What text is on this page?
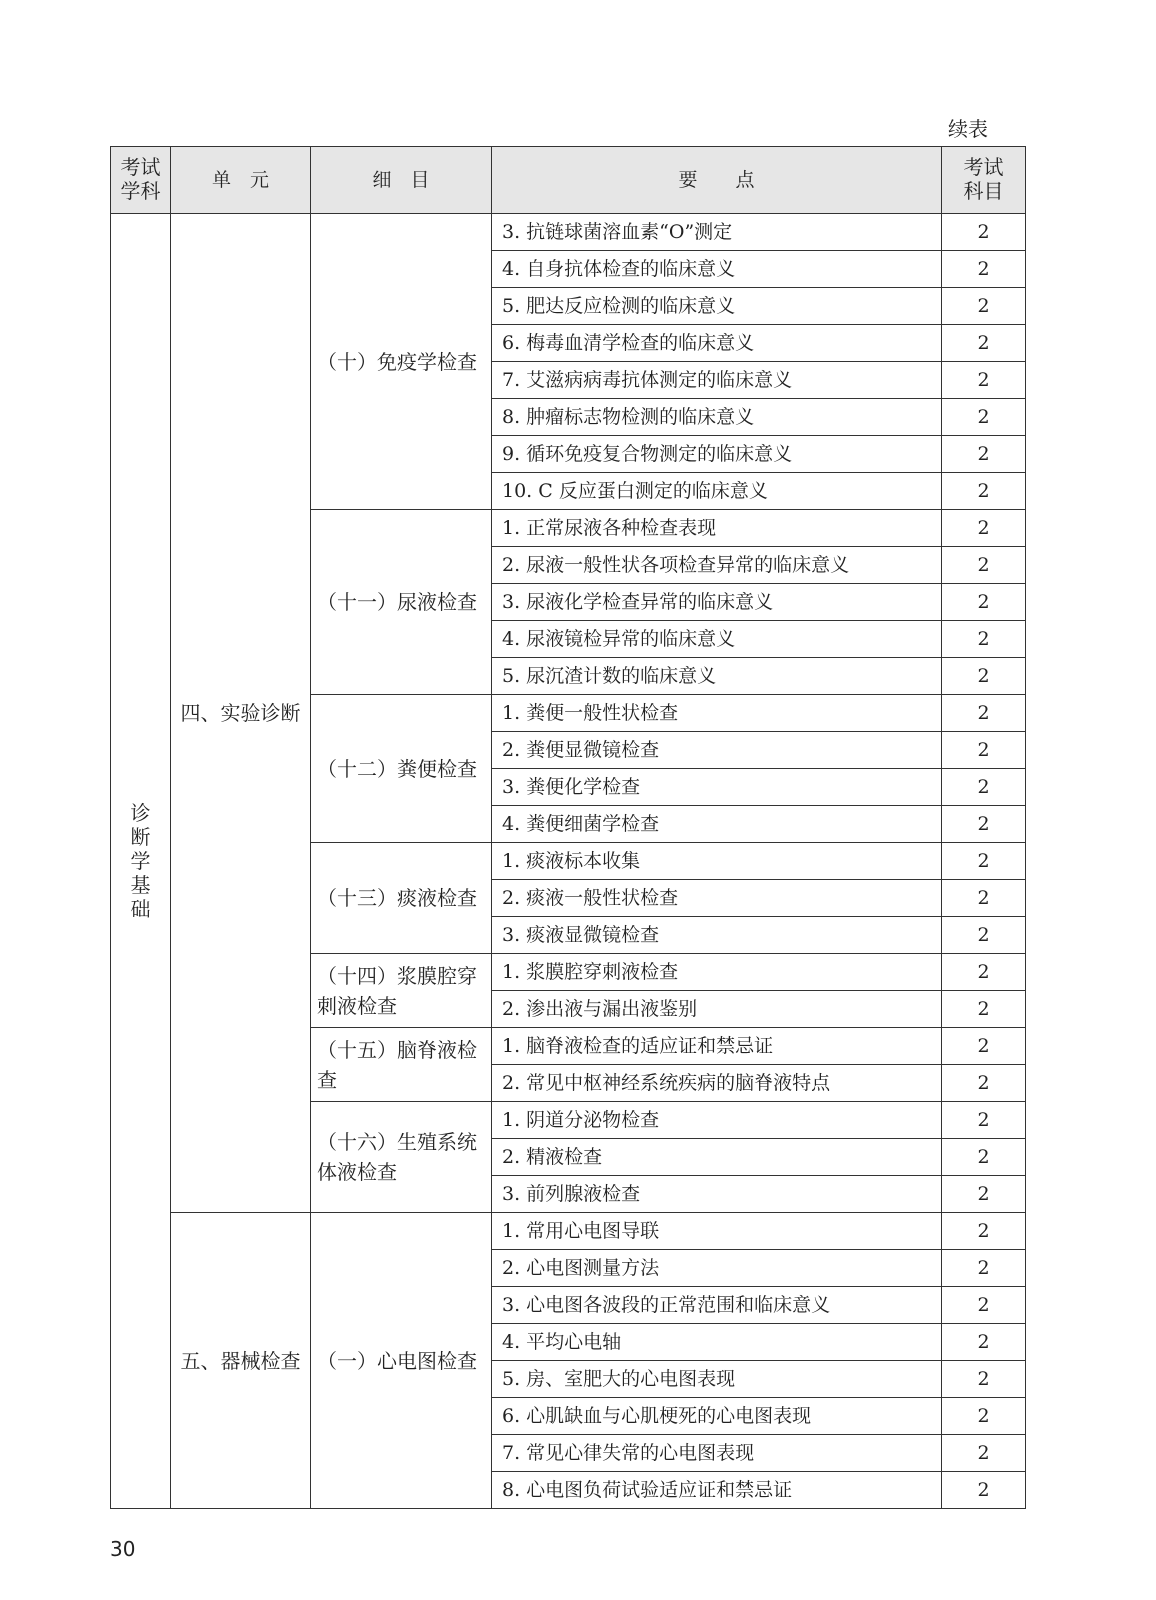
续表
考试学科	单　元	细　目	要　　点	考试科目
诊断学基础	四、实验诊断	（十）免疫学检查	3. 抗链球菌溶血素“O”测定	2
			4. 自身抗体检查的临床意义	2
			5. 肥达反应检测的临床意义	2
			6. 梅毒血清学检查的临床意义	2
			7. 艾滋病病毒抗体测定的临床意义	2
			8. 肿瘤标志物检测的临床意义	2
			9. 循环免疫复合物测定的临床意义	2
			10. C 反应蛋白测定的临床意义	2
		（十一）尿液检查	1. 正常尿液各种检查表现	2
			2. 尿液一般性状各项检查异常的临床意义	2
			3. 尿液化学检查异常的临床意义	2
			4. 尿液镜检异常的临床意义	2
			5. 尿沉渣计数的临床意义	2
		（十二）粪便检查	1. 粪便一般性状检查	2
			2. 粪便显微镜检查	2
			3. 粪便化学检查	2
			4. 粪便细菌学检查	2
		（十三）痰液检查	1. 痰液标本收集	2
			2. 痰液一般性状检查	2
			3. 痰液显微镜检查	2
		（十四）浆膜腔穿刺液检查	1. 浆膜腔穿刺液检查	2
			2. 渗出液与漏出液鉴别	2
		（十五）脑脊液检查	1. 脑脊液检查的适应证和禁忌证	2
			2. 常见中枢神经系统疾病的脑脊液特点	2
		（十六）生殖系统体液检查	1. 阴道分泌物检查	2
			2. 精液检查	2
			3. 前列腺液检查	2
	五、器械检查	（一）心电图检查	1. 常用心电图导联	2
			2. 心电图测量方法	2
			3. 心电图各波段的正常范围和临床意义	2
			4. 平均心电轴	2
			5. 房、室肥大的心电图表现	2
			6. 心肌缺血与心肌梗死的心电图表现	2
			7. 常见心律失常的心电图表现	2
			8. 心电图负荷试验适应证和禁忌证	2
30
